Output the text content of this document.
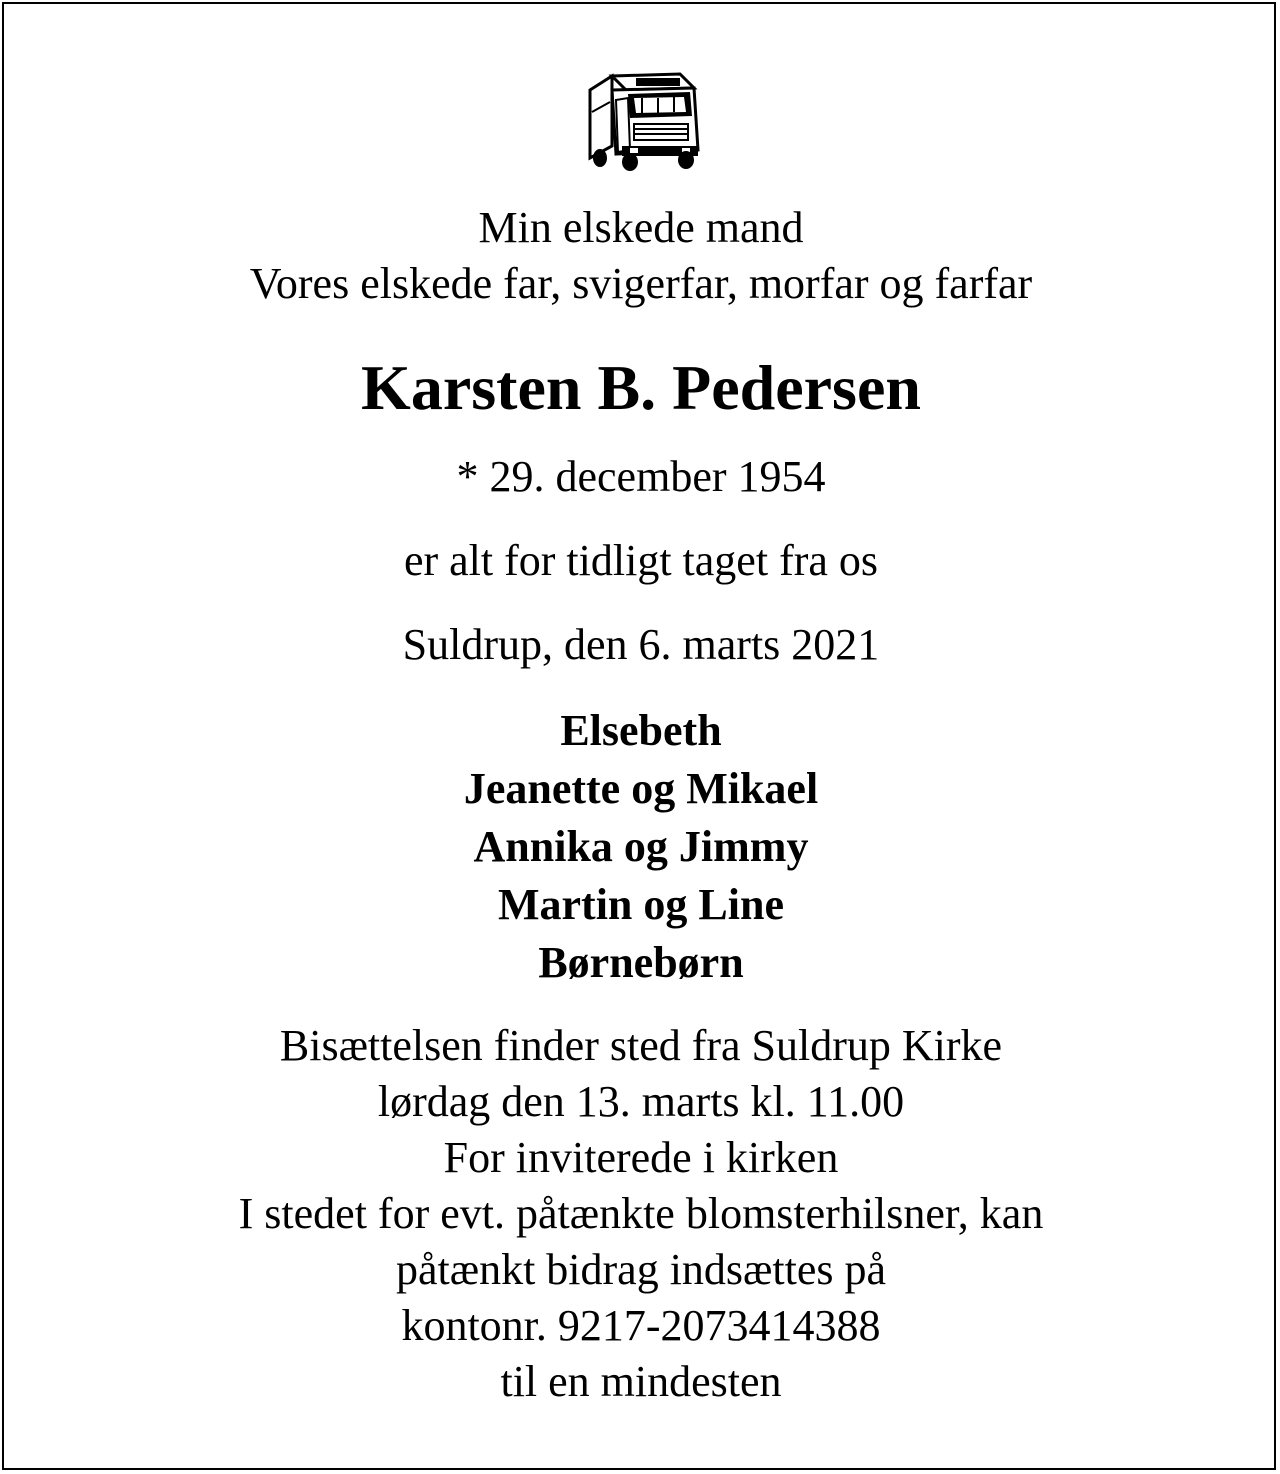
Min elskede mand
Vores elskede far, svigerfar, morfar og farfar
Karsten B. Pedersen
* 29. december 1954
er alt for tidligt taget fra os
Suldrup, den 6. marts 2021
Elsebeth
Jeanette og Mikael
Annika og Jimmy
Martin og Line
Børnebørn
Bisættelsen finder sted fra Suldrup Kirke
lørdag den 13. marts kl. 11.00
For inviterede i kirken
I stedet for evt. påtænkte blomsterhilsner, kan
påtænkt bidrag indsættes på
kontonr. 9217-2073414388
til en mindesten
